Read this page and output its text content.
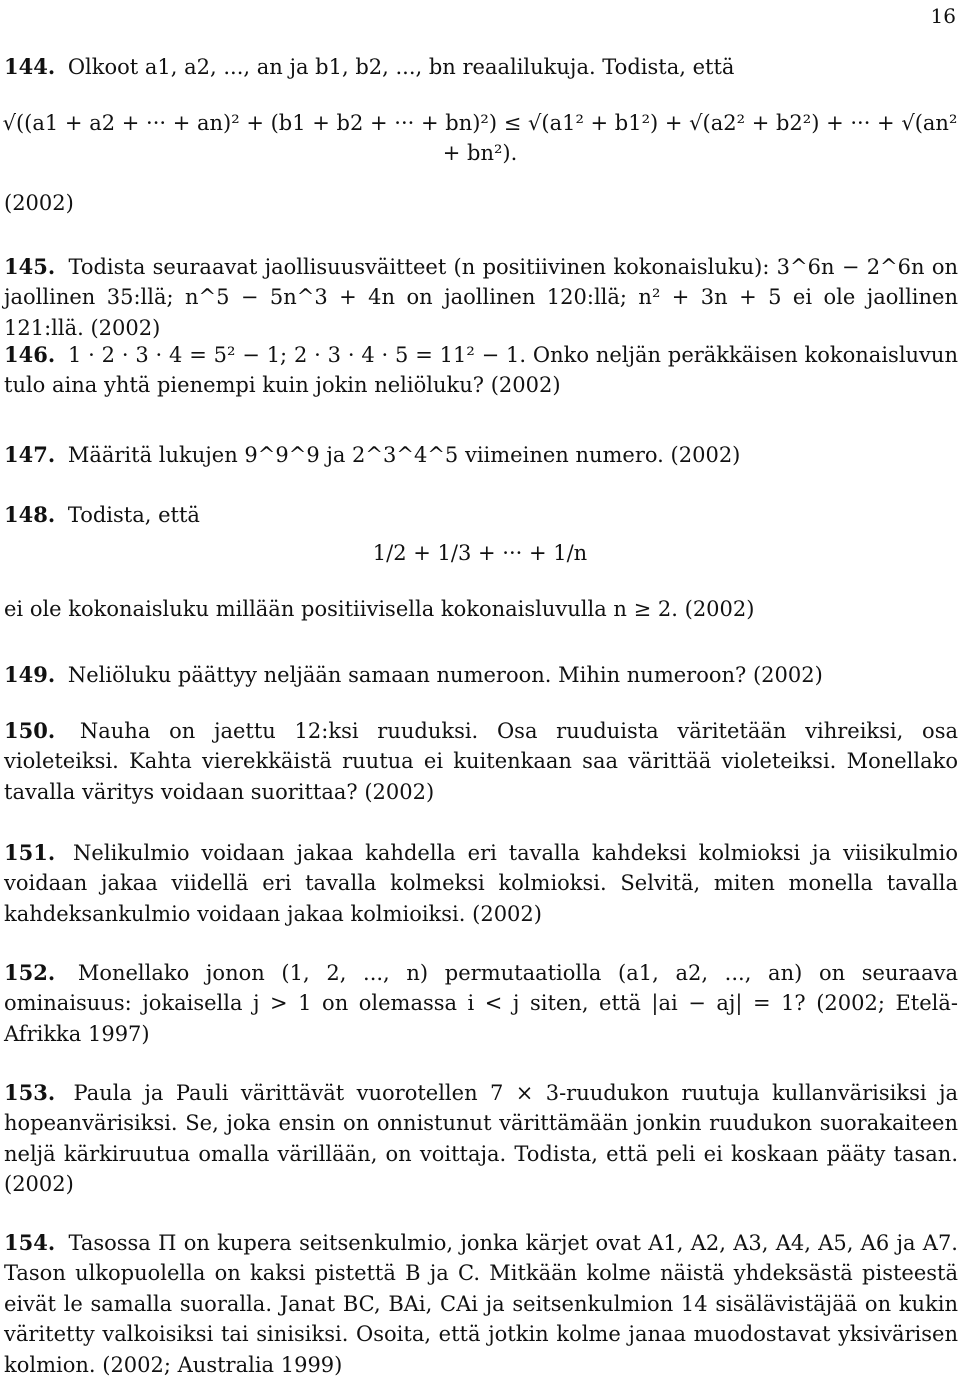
16
144. Olkoot a1, a2, ..., an ja b1, b2, ..., bn reaalilukuja. Todista, että
√((a1 + a2 + ··· + an)² + (b1 + b2 + ··· + bn)²) ≤ √(a1² + b1²) + √(a2² + b2²) + ··· + √(an² + bn²).
(2002)
145. Todista seuraavat jaollisuusväitteet (n positiivinen kokonaisluku): 3^6n − 2^6n on jaollinen 35:llä; n^5 − 5n^3 + 4n on jaollinen 120:llä; n² + 3n + 5 ei ole jaollinen 121:llä. (2002)
146. 1 · 2 · 3 · 4 = 5² − 1; 2 · 3 · 4 · 5 = 11² − 1. Onko neljän peräkkäisen kokonaisluvun tulo aina yhtä pienempi kuin jokin neliöluku? (2002)
147. Määritä lukujen 9^9^9 ja 2^3^4^5 viimeinen numero. (2002)
148. Todista, että
1/2 + 1/3 + ··· + 1/n
ei ole kokonaisluku millään positiivisella kokonaisluvulla n ≥ 2. (2002)
149. Neliöluku päättyy neljään samaan numeroon. Mihin numeroon? (2002)
150. Nauha on jaettu 12:ksi ruuduksi. Osa ruuduista väritetään vihreiksi, osa violeteiksi. Kahta vierekkäistä ruutua ei kuitenkaan saa värittää violeteiksi. Monellako tavalla väritys voidaan suorittaa? (2002)
151. Nelikulmio voidaan jakaa kahdella eri tavalla kahdeksi kolmioksi ja viisikulmio voidaan jakaa viidellä eri tavalla kolmeksi kolmioksi. Selvitä, miten monella tavalla kahdeksankulmio voidaan jakaa kolmioiksi. (2002)
152. Monellako jonon (1, 2, ..., n) permutaatiolla (a1, a2, ..., an) on seuraava ominaisuus: jokaisella j > 1 on olemassa i < j siten, että |ai − aj| = 1? (2002; Etelä-Afrikka 1997)
153. Paula ja Pauli värittävät vuorotellen 7 × 3-ruudukon ruutuja kullanvärisiksi ja hopeanvärisiksi. Se, joka ensin on onnistunut värittämään jonkin ruudukon suorakaiteen neljä kärkiruutua omalla värillään, on voittaja. Todista, että peli ei koskaan pääty tasan. (2002)
154. Tasossa Π on kupera seitsenkulmio, jonka kärjet ovat A1, A2, A3, A4, A5, A6 ja A7. Tason ulkopuolella on kaksi pistettä B ja C. Mitkään kolme näistä yhdeksästä pisteestä eivät le samalla suoralla. Janat BC, BAi, CAi ja seitsenkulmion 14 sisälävistäjää on kukin väritetty valkoisiksi tai sinisiksi. Osoita, että jotkin kolme janaa muodostavat yksivärisen kolmion. (2002; Australia 1999)
